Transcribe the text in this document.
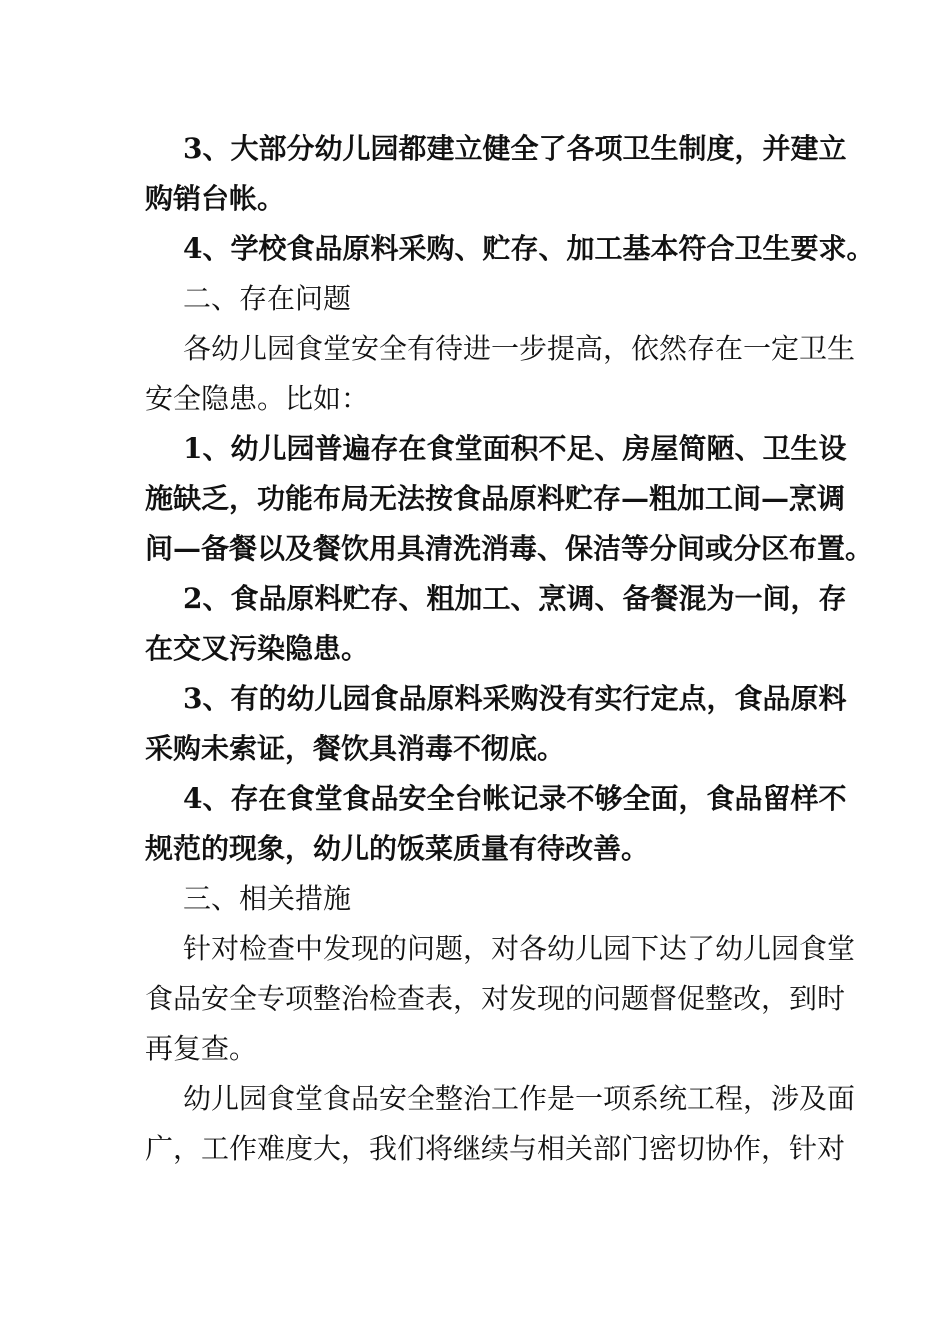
3、大部分幼儿园都建立健全了各项卫生制度，并建立
购销台帐。
4、学校食品原料采购、贮存、加工基本符合卫生要求。
二、存在问题
各幼儿园食堂安全有待进一步提高，依然存在一定卫生
安全隐患。比如：
1、幼儿园普遍存在食堂面积不足、房屋简陋、卫生设
施缺乏，功能布局无法按食品原料贮存—粗加工间—烹调
间—备餐以及餐饮用具清洗消毒、保洁等分间或分区布置。
2、食品原料贮存、粗加工、烹调、备餐混为一间，存
在交叉污染隐患。
3、有的幼儿园食品原料采购没有实行定点，食品原料
采购未索证，餐饮具消毒不彻底。
4、存在食堂食品安全台帐记录不够全面，食品留样不
规范的现象，幼儿的饭菜质量有待改善。
三、相关措施
针对检查中发现的问题，对各幼儿园下达了幼儿园食堂
食品安全专项整治检查表，对发现的问题督促整改，到时
再复查。
幼儿园食堂食品安全整治工作是一项系统工程，涉及面
广，工作难度大，我们将继续与相关部门密切协作，针对
